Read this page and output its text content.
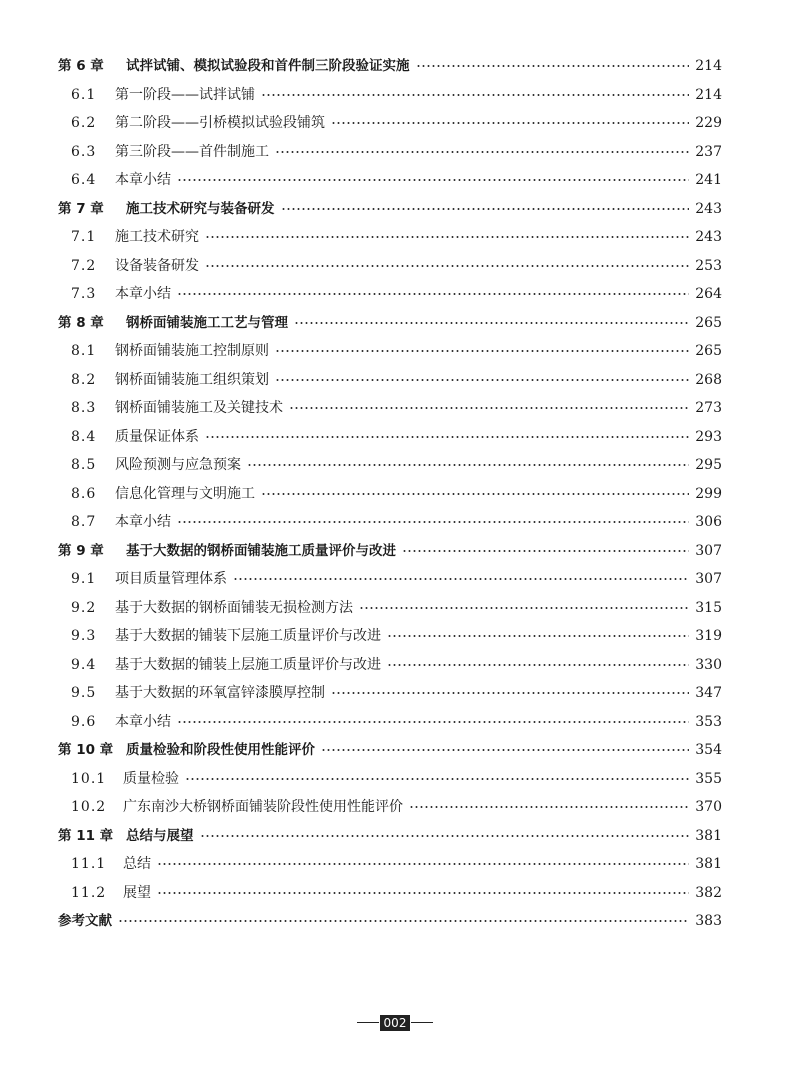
第 6 章	试拌试铺、模拟试验段和首件制三阶段验证实施	214
6.1	第一阶段——试拌试铺	214
6.2	第二阶段——引桥模拟试验段铺筑	229
6.3	第三阶段——首件制施工	237
6.4	本章小结	241
第 7 章	施工技术研究与装备研发	243
7.1	施工技术研究	243
7.2	设备装备研发	253
7.3	本章小结	264
第 8 章	钢桥面铺装施工工艺与管理	265
8.1	钢桥面铺装施工控制原则	265
8.2	钢桥面铺装施工组织策划	268
8.3	钢桥面铺装施工及关键技术	273
8.4	质量保证体系	293
8.5	风险预测与应急预案	295
8.6	信息化管理与文明施工	299
8.7	本章小结	306
第 9 章	基于大数据的钢桥面铺装施工质量评价与改进	307
9.1	项目质量管理体系	307
9.2	基于大数据的钢桥面铺装无损检测方法	315
9.3	基于大数据的铺装下层施工质量评价与改进	319
9.4	基于大数据的铺装上层施工质量评价与改进	330
9.5	基于大数据的环氧富锌漆膜厚控制	347
9.6	本章小结	353
第 10 章 质量检验和阶段性使用性能评价	354
10.1	质量检验	355
10.2	广东南沙大桥钢桥面铺装阶段性使用性能评价	370
第 11 章 总结与展望	381
11.1	总结	381
11.2	展望	382
参考文献	383
002
